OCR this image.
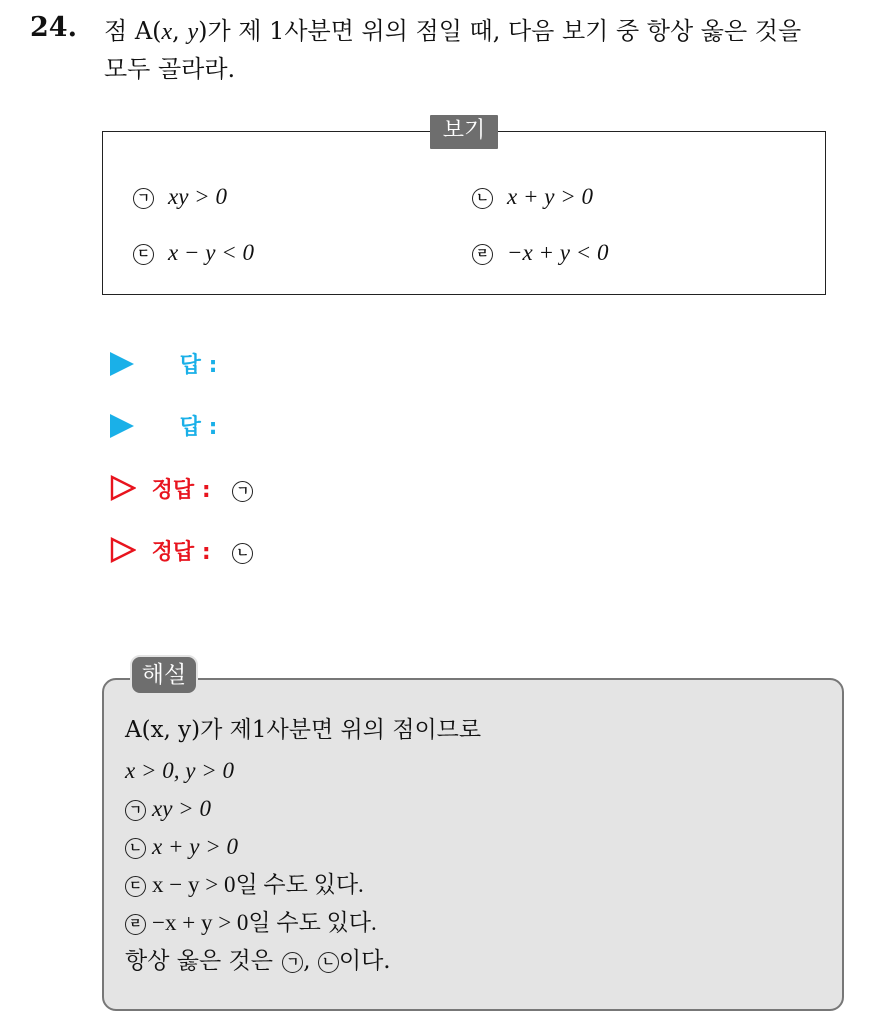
24. 점 A(x, y)가 제 1사분면 위의 점일 때, 다음 보기 중 항상 옳은 것을
모두 골라라.
보기
ㄱ xy > 0	ㄴ x + y > 0
ㄷ x − y < 0	ㄹ −x + y < 0
답 :
답 :
정답 : ㄱ
정답 : ㄴ
해설
A(x, y)가 제1사분면 위의 점이므로
x > 0, y > 0
ㄱ xy > 0
ㄴ x + y > 0
ㄷ x − y > 0일 수도 있다.
ㄹ −x + y > 0일 수도 있다.
항상 옳은 것은 ㄱ , ㄴ 이다.
